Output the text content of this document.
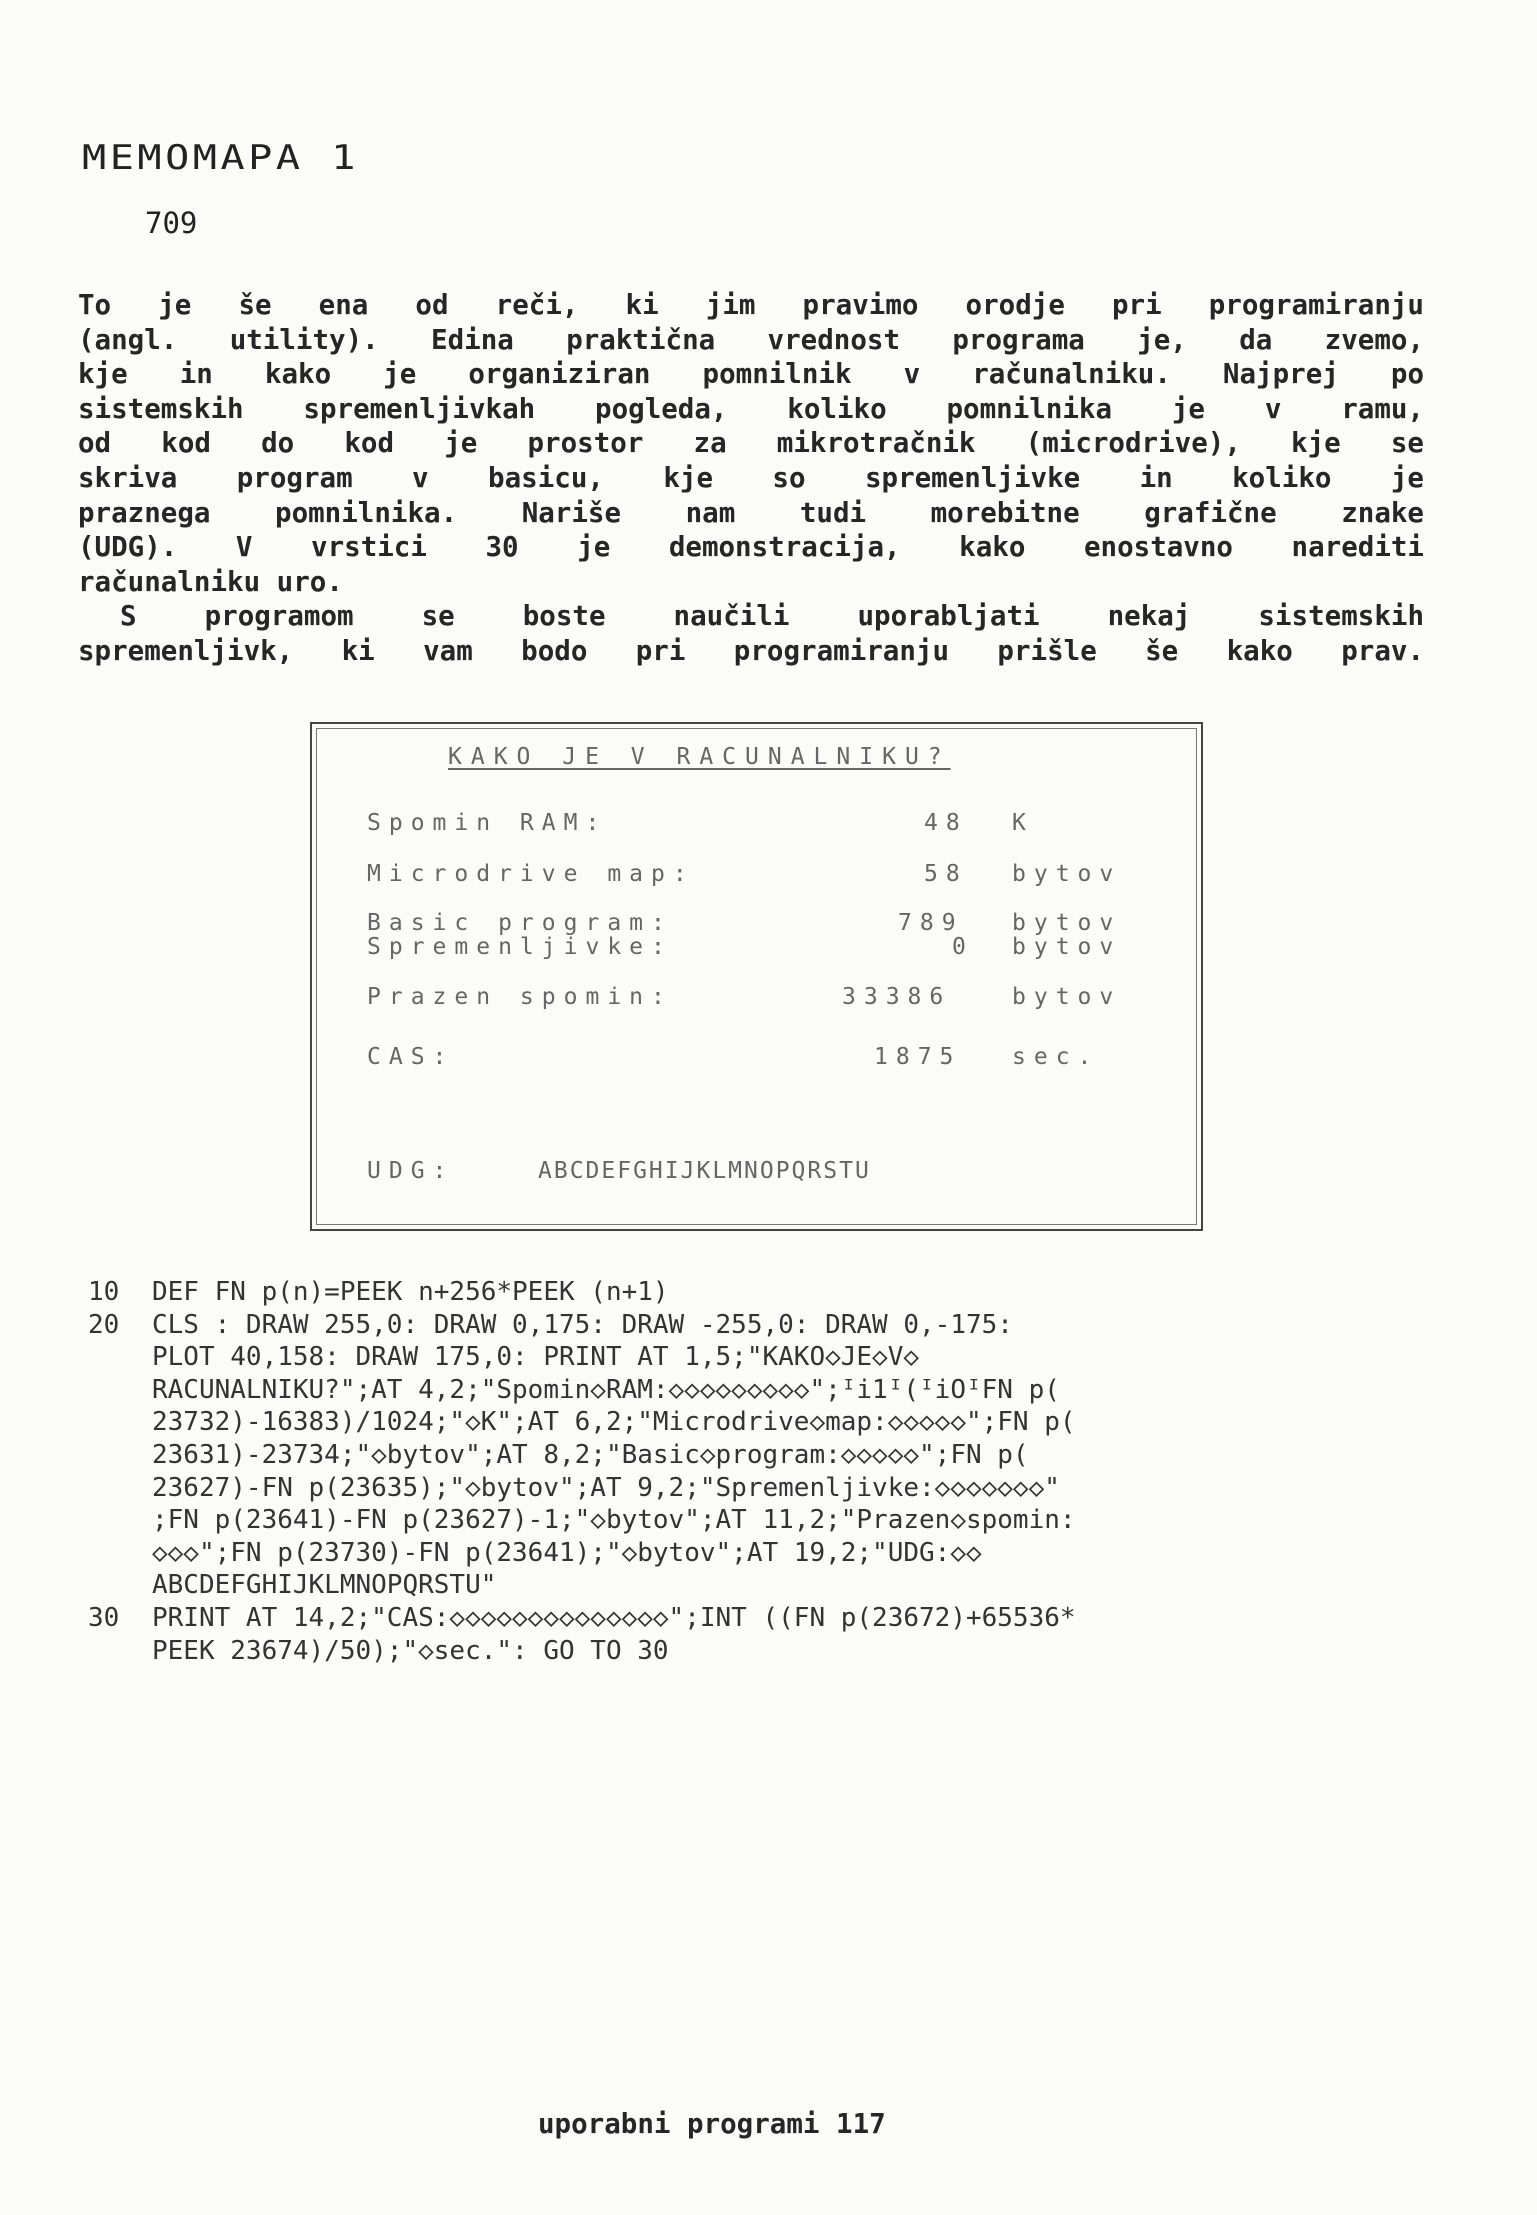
MEMOMAPA 1
709
To je še ena od reči, ki jim pravimo orodje pri programiranju
(angl. utility). Edina praktična vrednost programa je, da zvemo,
kje in kako je organiziran pomnilnik v računalniku. Najprej po
sistemskih spremenljivkah pogleda, koliko pomnilnika je v ramu,
od kod do kod je prostor za mikrotračnik (microdrive), kje se
skriva program v basicu, kje so spremenljivke in koliko je
praznega pomnilnika. Nariše nam tudi morebitne grafične znake
(UDG). V vrstici 30 je demonstracija, kako enostavno narediti
računalniku uro.
S programom se boste naučili uporabljati nekaj sistemskih
spremenljivk, ki vam bodo pri programiranju prišle še kako prav.
KAKO JE V RACUNALNIKU?
Spomin RAM:	48 K
Microdrive map:	58 bytov
Basic program:	789 bytov
Spremenljivke:	0 bytov
Prazen spomin:	33386	bytov
CAS:	1875 sec.
UDG:	ABCDEFGHIJKLMNOPQRSTU
10 DEF FN p(n)=PEEK n+256*PEEK (n+1)
20 CLS : DRAW 255,0: DRAW 0,175: DRAW -255,0: DRAW 0,-175:
PLOT 40,158: DRAW 175,0: PRINT AT 1,5;"KAKO◇JE◇V◇
RACUNALNIKU?";AT 4,2;"Spomin◇RAM:◇◇◇◇◇◇◇◇◇";ᴵi1ᴵ(ᴵiOᴵFN p(
23732)-16383)/1024;"◇K";AT 6,2;"Microdrive◇map:◇◇◇◇◇";FN p(
23631)-23734;"◇bytov";AT 8,2;"Basic◇program:◇◇◇◇◇";FN p(
23627)-FN p(23635);"◇bytov";AT 9,2;"Spremenljivke:◇◇◇◇◇◇◇"
;FN p(23641)-FN p(23627)-1;"◇bytov";AT 11,2;"Prazen◇spomin:
◇◇◇";FN p(23730)-FN p(23641);"◇bytov";AT 19,2;"UDG:◇◇
ABCDEFGHIJKLMNOPQRSTU"
30 PRINT AT 14,2;"CAS:◇◇◇◇◇◇◇◇◇◇◇◇◇◇";INT ((FN p(23672)+65536*
PEEK 23674)/50);"◇sec.": GO TO 30
uporabni programi 117
